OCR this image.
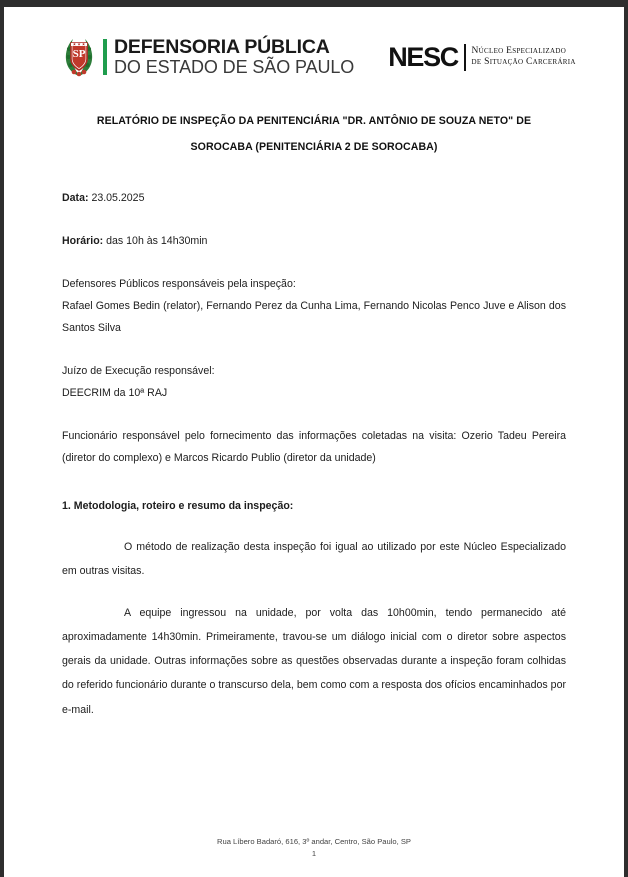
SP
★ ★ ★ DEFENSORIA PÚBLICA
DO ESTADO DE SÃO PAULO NESC Núcleo Especializado
de Situação Carcerária
RELATÓRIO DE INSPEÇÃO DA PENITENCIÁRIA "DR. ANTÔNIO DE SOUZA NETO" DE
SOROCABA (PENITENCIÁRIA 2 DE SOROCABA)
Data: 23.05.2025
Horário: das 10h às 14h30min
Defensores Públicos responsáveis pela inspeção:
Rafael Gomes Bedin (relator), Fernando Perez da Cunha Lima, Fernando Nicolas Penco Juve e Alison dos Santos Silva
Juízo de Execução responsável:
DEECRIM da 10ª RAJ
Funcionário responsável pelo fornecimento das informações coletadas na visita: Ozerio Tadeu Pereira (diretor do complexo) e Marcos Ricardo Publio (diretor da unidade)
1. Metodologia, roteiro e resumo da inspeção:
O método de realização desta inspeção foi igual ao utilizado por este Núcleo Especializado em outras visitas.
A equipe ingressou na unidade, por volta das 10h00min, tendo permanecido até aproximadamente 14h30min. Primeiramente, travou-se um diálogo inicial com o diretor sobre aspectos gerais da unidade. Outras informações sobre as questões observadas durante a inspeção foram colhidas do referido funcionário durante o transcurso dela, bem como com a resposta dos ofícios encaminhados por e-mail.
Rua Líbero Badaró, 616, 3º andar, Centro, São Paulo, SP
1
